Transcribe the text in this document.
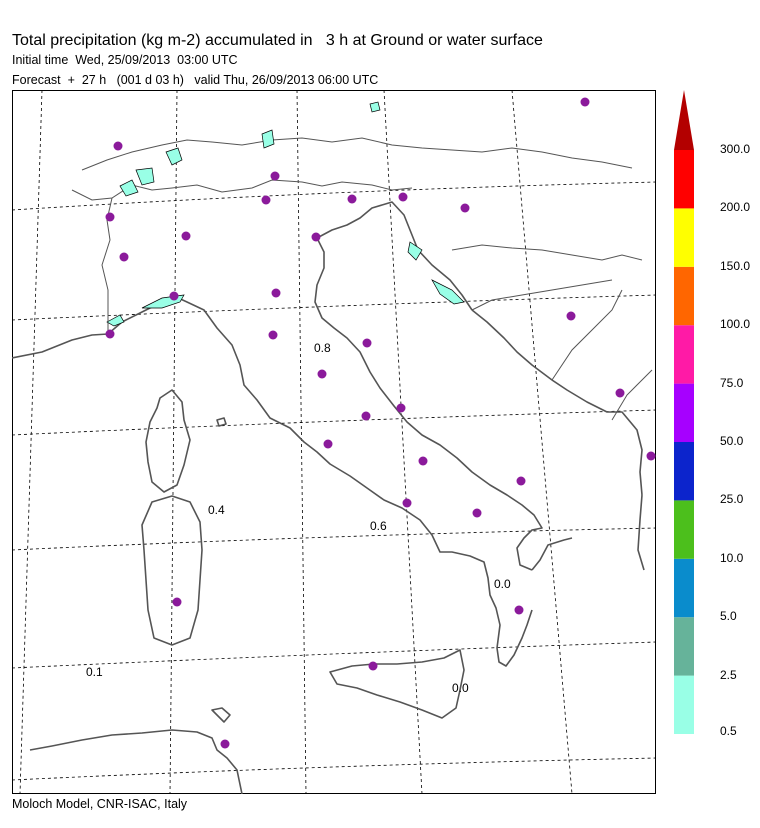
Total precipitation (kg m-2) accumulated in   3 h at Ground or water surface
Initial time  Wed, 25/09/2013  03:00 UTC
Forecast  +  27 h   (001 d 03 h)   valid Thu, 26/09/2013 06:00 UTC
0.8
0.4
0.6
0.0
0.1
0.0
0.5
2.5
5.0
10.0
25.0
50.0
75.0
100.0
150.0
200.0
300.0
Moloch Model, CNR-ISAC, Italy
